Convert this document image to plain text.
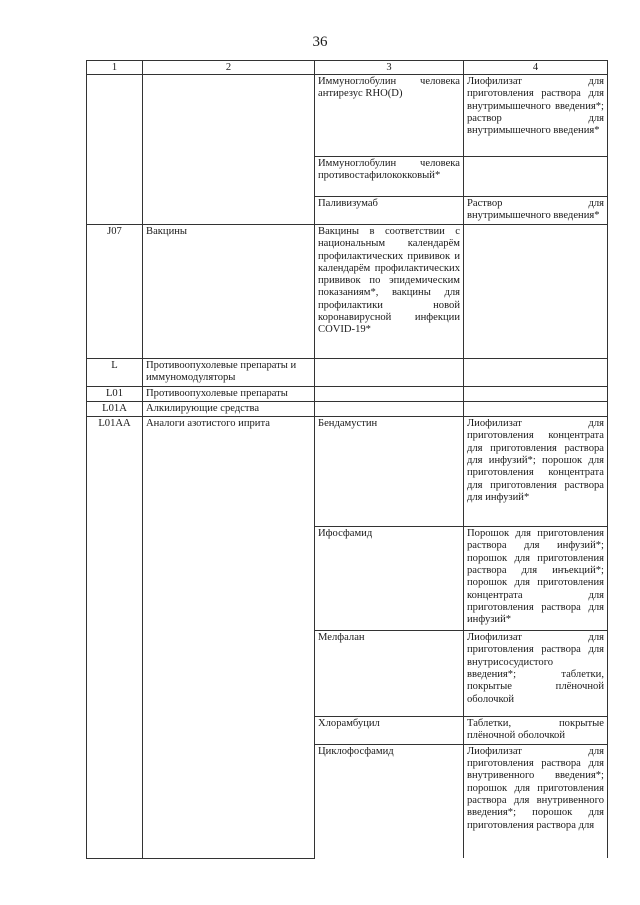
36
1	2	3	4
		Иммуноглобулин человека антирезус RHO(D)	Лиофилизат для приготовления раствора для внутримышечного введения*; раствор для внутримышечного введения*
		Иммуноглобулин человека противостафилококковый*	
		Паливизумаб	Раствор для внутримышечного введения*
J07	Вакцины	Вакцины в соответствии с национальным календарём профилактических прививок и календарём профилактических прививок по эпидемическим показаниям*, вакцины для профилактики новой коронавирусной инфекции COVID-19*	
L	Противоопухолевые препараты и иммуномодуляторы		
L01	Противоопухолевые препараты		
L01A	Алкилирующие средства		
L01AA	Аналоги азотистого иприта	Бендамустин	Лиофилизат для приготовления концентрата для приготовления раствора для инфузий*; порошок для приготовления концентрата для приготовления раствора для инфузий*
		Ифосфамид	Порошок для приготовления раствора для инфузий*; порошок для приготовления раствора для инъекций*; порошок для приготовления концентрата для приготовления раствора для инфузий*
		Мелфалан	Лиофилизат для приготовления раствора для внутрисосудистого введения*; таблетки, покрытые плёночной оболочкой
		Хлорамбуцил	Таблетки, покрытые плёночной оболочкой
		Циклофосфамид	Лиофилизат для приготовления раствора для внутривенного введения*; порошок для приготовления раствора для внутривенного введения*; порошок для приготовления раствора для
